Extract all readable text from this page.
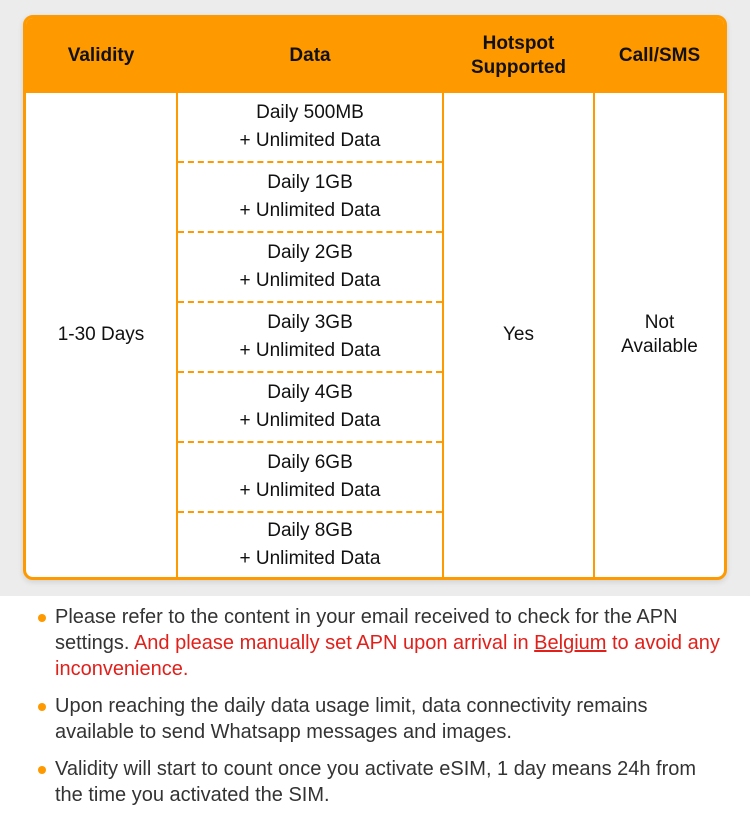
Validity	Data
Hotspot
Supported
Call/SMS
1-30 Days
Daily 500MB
+ Unlimited Data
Daily 1GB
+ Unlimited Data
Daily 2GB
+ Unlimited Data
Daily 3GB
+ Unlimited Data
Daily 4GB
+ Unlimited Data
Daily 6GB
+ Unlimited Data
Daily 8GB
+ Unlimited Data
Yes
Not
Available
Please refer to the content in your email received to check for the APN settings. And please manually set APN upon arrival in Belgium to avoid any inconvenience.
Upon reaching the daily data usage limit, data connectivity remains available to send Whatsapp messages and images.
Validity will start to count once you activate eSIM, 1 day means 24h from the time you activated the SIM.
